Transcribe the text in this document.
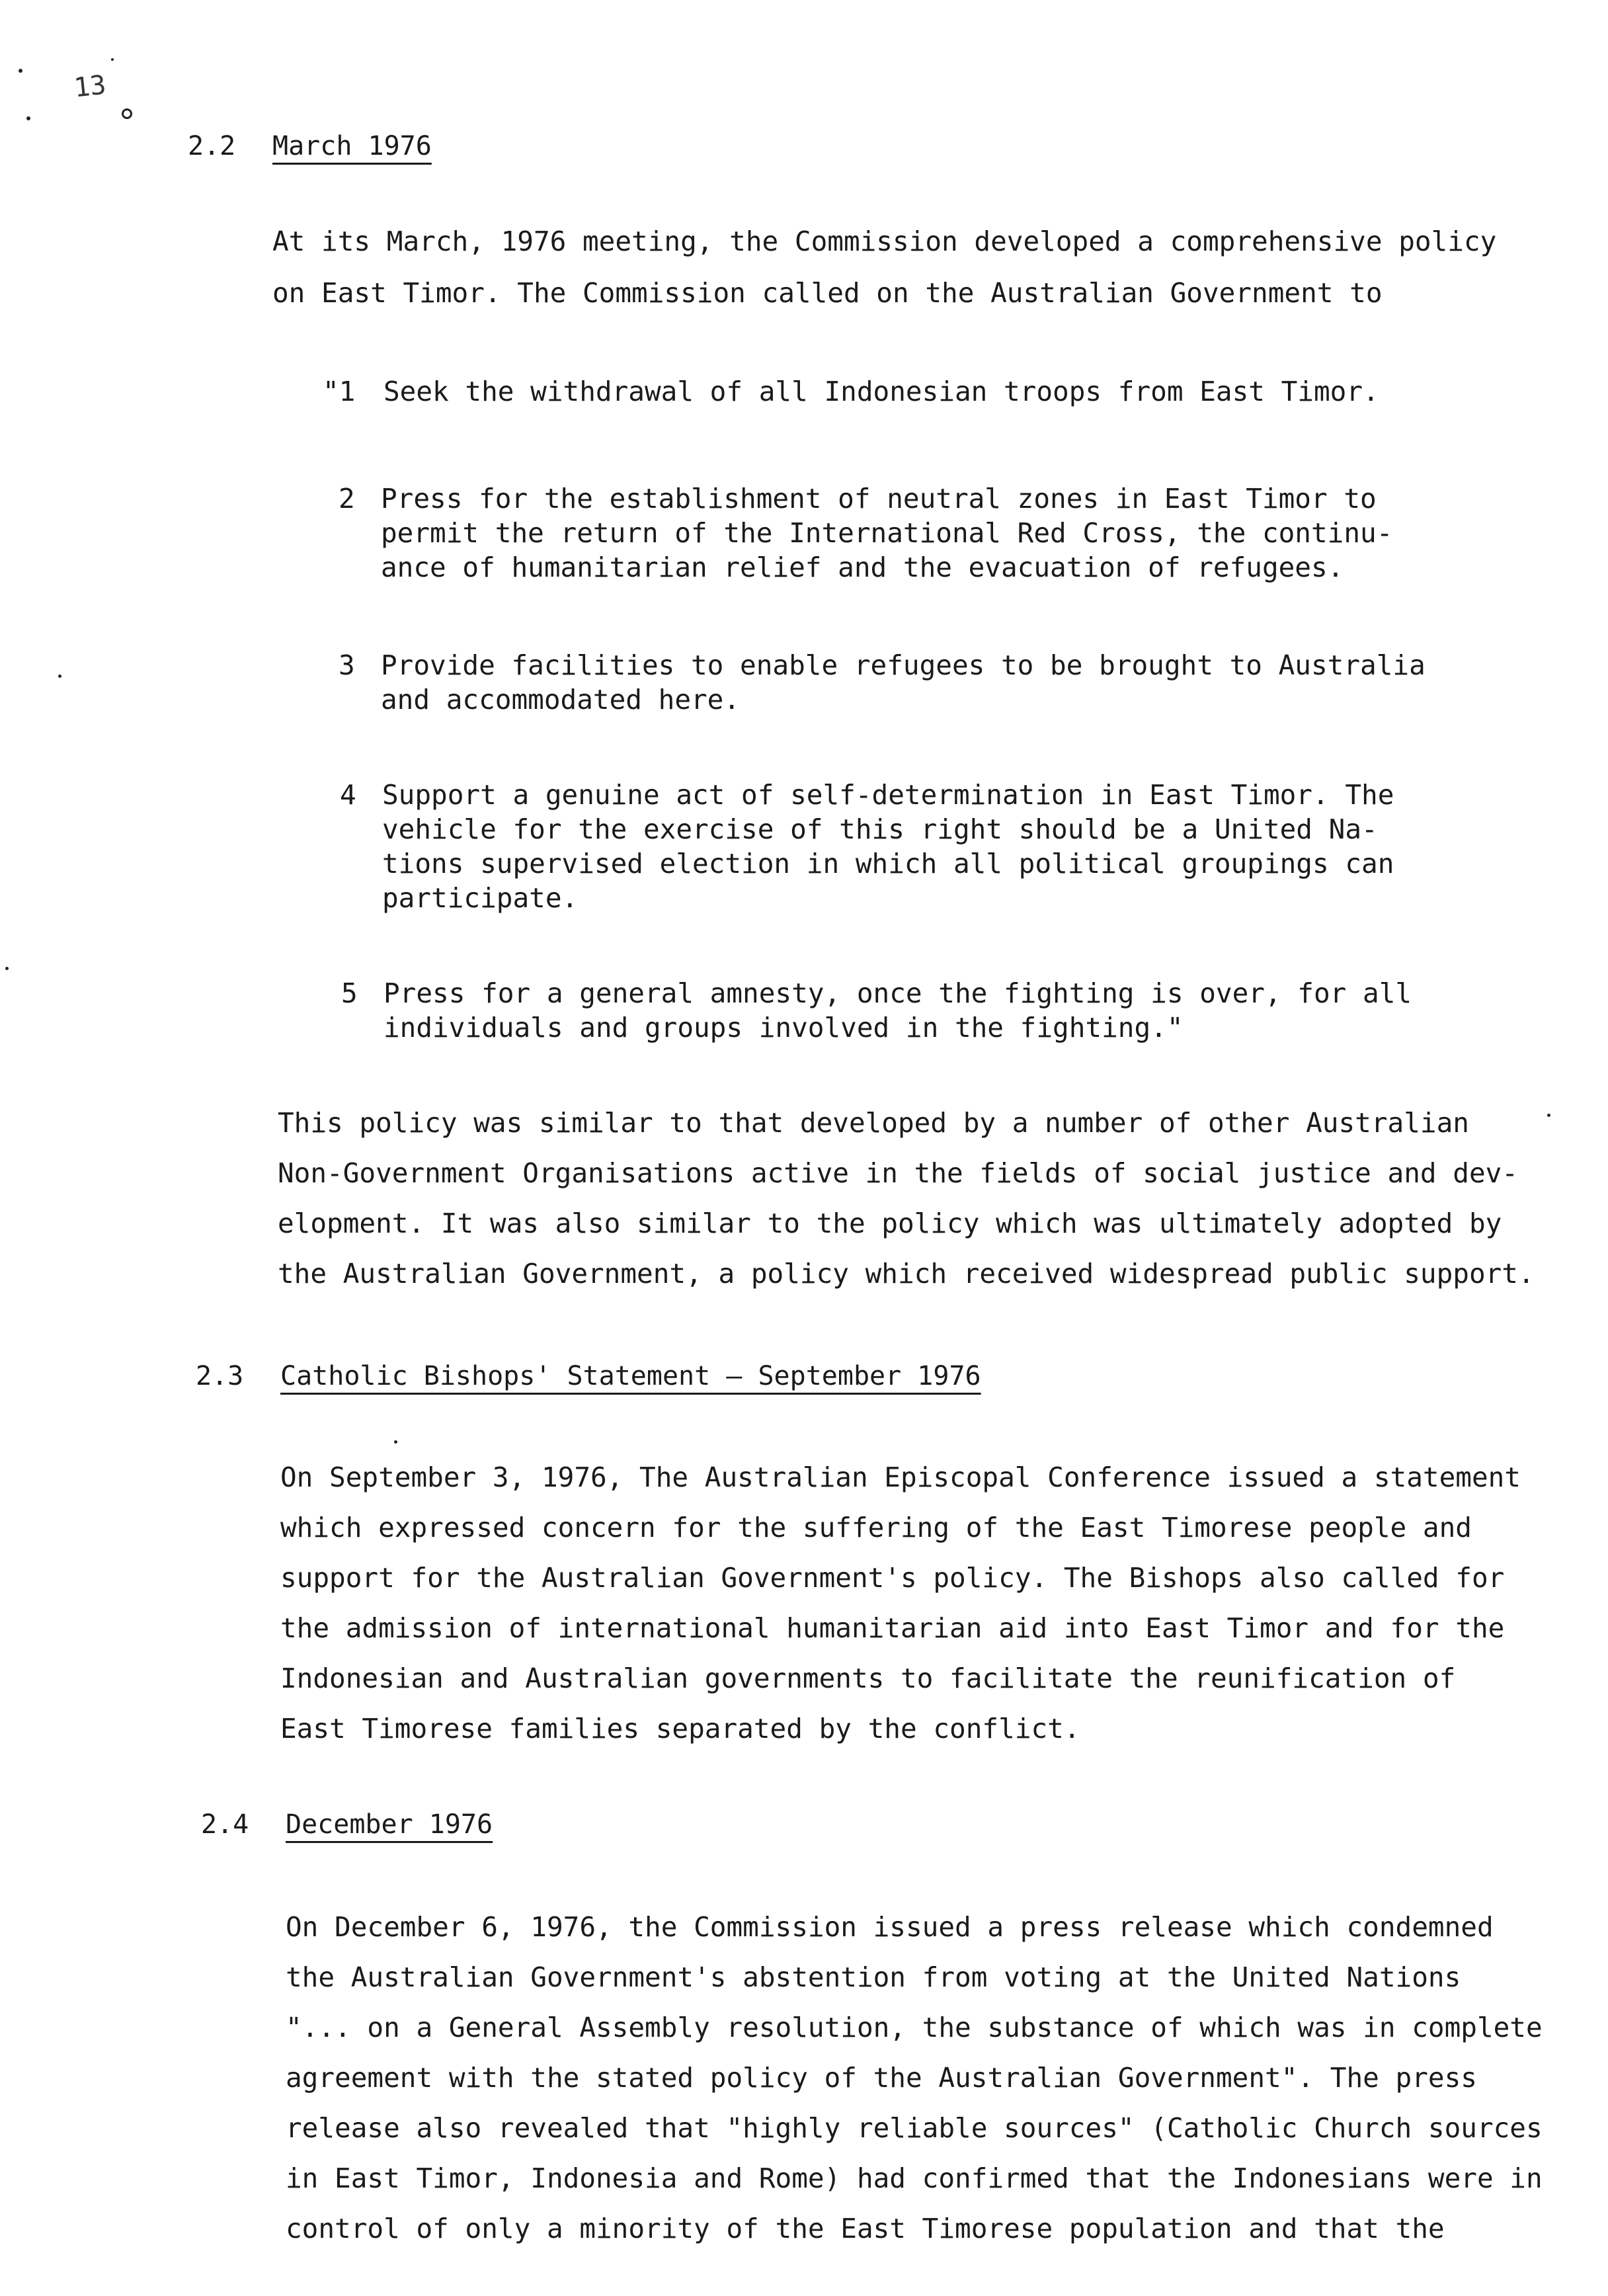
13
2.2 March 1976
At its March, 1976 meeting, the Commission developed a comprehensive policy
on East Timor. The Commission called on the Australian Government to
"1 Seek the withdrawal of all Indonesian troops from East Timor.
2 Press for the establishment of neutral zones in East Timor to
permit the return of the International Red Cross, the continu-
ance of humanitarian relief and the evacuation of refugees.
3 Provide facilities to enable refugees to be brought to Australia
and accommodated here.
4 Support a genuine act of self-determination in East Timor. The
vehicle for the exercise of this right should be a United Na-
tions supervised election in which all political groupings can
participate.
5 Press for a general amnesty, once the fighting is over, for all
individuals and groups involved in the fighting."
This policy was similar to that developed by a number of other Australian
Non-Government Organisations active in the fields of social justice and dev-
elopment. It was also similar to the policy which was ultimately adopted by
the Australian Government, a policy which received widespread public support.
2.3 Catholic Bishops' Statement — September 1976
On September 3, 1976, The Australian Episcopal Conference issued a statement
which expressed concern for the suffering of the East Timorese people and
support for the Australian Government's policy. The Bishops also called for
the admission of international humanitarian aid into East Timor and for the
Indonesian and Australian governments to facilitate the reunification of
East Timorese families separated by the conflict.
2.4 December 1976
On December 6, 1976, the Commission issued a press release which condemned
the Australian Government's abstention from voting at the United Nations
"... on a General Assembly resolution, the substance of which was in complete
agreement with the stated policy of the Australian Government". The press
release also revealed that "highly reliable sources" (Catholic Church sources
in East Timor, Indonesia and Rome) had confirmed that the Indonesians were in
control of only a minority of the East Timorese population and that the
